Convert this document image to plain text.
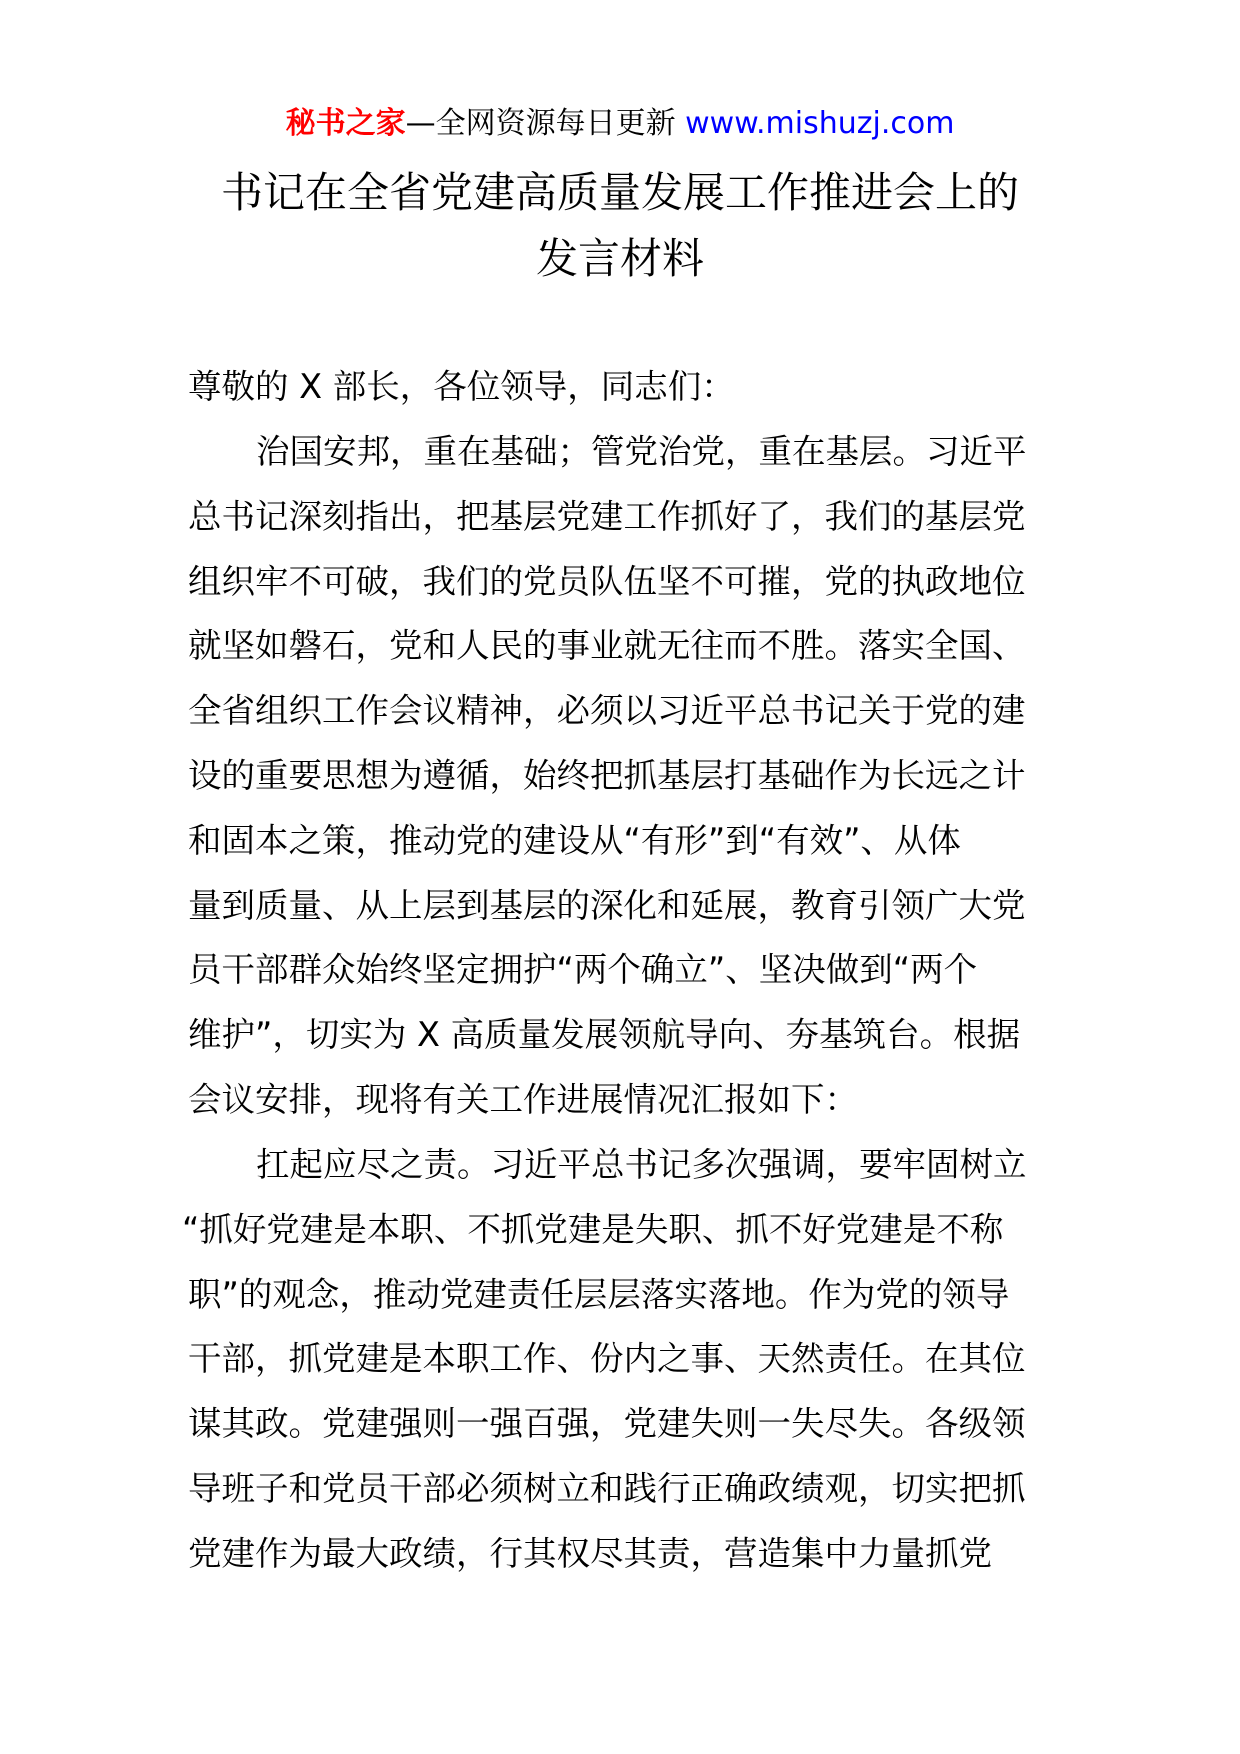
秘书之家—全网资源每日更新 www.mishuzj.com
书记在全省党建高质量发展工作推进会上的
发言材料
尊敬的 X 部长，各位领导，同志们：
治国安邦，重在基础；管党治党，重在基层。习近平
总书记深刻指出，把基层党建工作抓好了，我们的基层党
组织牢不可破，我们的党员队伍坚不可摧，党的执政地位
就坚如磐石，党和人民的事业就无往而不胜。落实全国、
全省组织工作会议精神，必须以习近平总书记关于党的建
设的重要思想为遵循，始终把抓基层打基础作为长远之计
和固本之策，推动党的建设从“有形”到“有效”、从体
量到质量、从上层到基层的深化和延展，教育引领广大党
员干部群众始终坚定拥护“两个确立”、坚决做到“两个
维护”，切实为 X 高质量发展领航导向、夯基筑台。根据
会议安排，现将有关工作进展情况汇报如下：
扛起应尽之责。习近平总书记多次强调，要牢固树立
“抓好党建是本职、不抓党建是失职、抓不好党建是不称
职”的观念，推动党建责任层层落实落地。作为党的领导
干部，抓党建是本职工作、份内之事、天然责任。在其位
谋其政。党建强则一强百强，党建失则一失尽失。各级领
导班子和党员干部必须树立和践行正确政绩观，切实把抓
党建作为最大政绩，行其权尽其责，营造集中力量抓党
